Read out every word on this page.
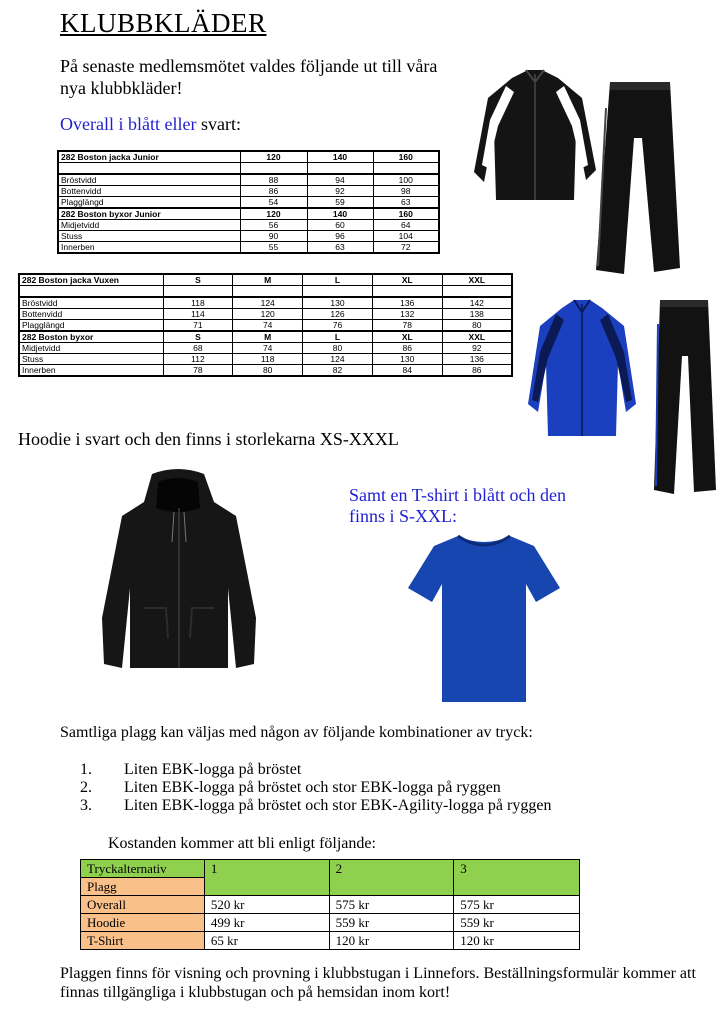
KLUBBKLÄDER
På senaste medlemsmötet valdes följande ut till våra nya klubbkläder!
Overall i blått eller svart:
282 Boston jacka Junior	120	140	160

Bröstvidd	88	94	100
Bottenvidd	86	92	98
Plagglängd	54	59	63
282 Boston byxor Junior	120	140	160
Midjetvidd	56	60	64
Stuss	90	96	104
Innerben	55	63	72
282 Boston jacka Vuxen	S	M	L	XL	XXL

Bröstvidd	118	124	130	136	142
Bottenvidd	114	120	126	132	138
Plagglängd	71	74	76	78	80
282 Boston byxor	S	M	L	XL	XXL
Midjetvidd	68	74	80	86	92
Stuss	112	118	124	130	136
Innerben	78	80	82	84	86
Hoodie i svart och den finns i storlekarna XS-XXXL
Samt en T-shirt i blått och den finns i S-XXL:
Samtliga plagg kan väljas med någon av följande kombinationer av tryck:
1.	Liten EBK-logga på bröstet
2.	Liten EBK-logga på bröstet och stor EBK-logga på ryggen
3.	Liten EBK-logga på bröstet och stor EBK-Agility-logga på ryggen
Kostanden kommer att bli enligt följande:
Tryckalternativ	1	2	3
Plagg			
Overall	520 kr	575 kr	575 kr
Hoodie	499 kr	559 kr	559 kr
T-Shirt	65 kr	120 kr	120 kr
Plaggen finns för visning och provning i klubbstugan i Linnefors. Beställningsformulär kommer att finnas tillgängliga i klubbstugan och på hemsidan inom kort!
